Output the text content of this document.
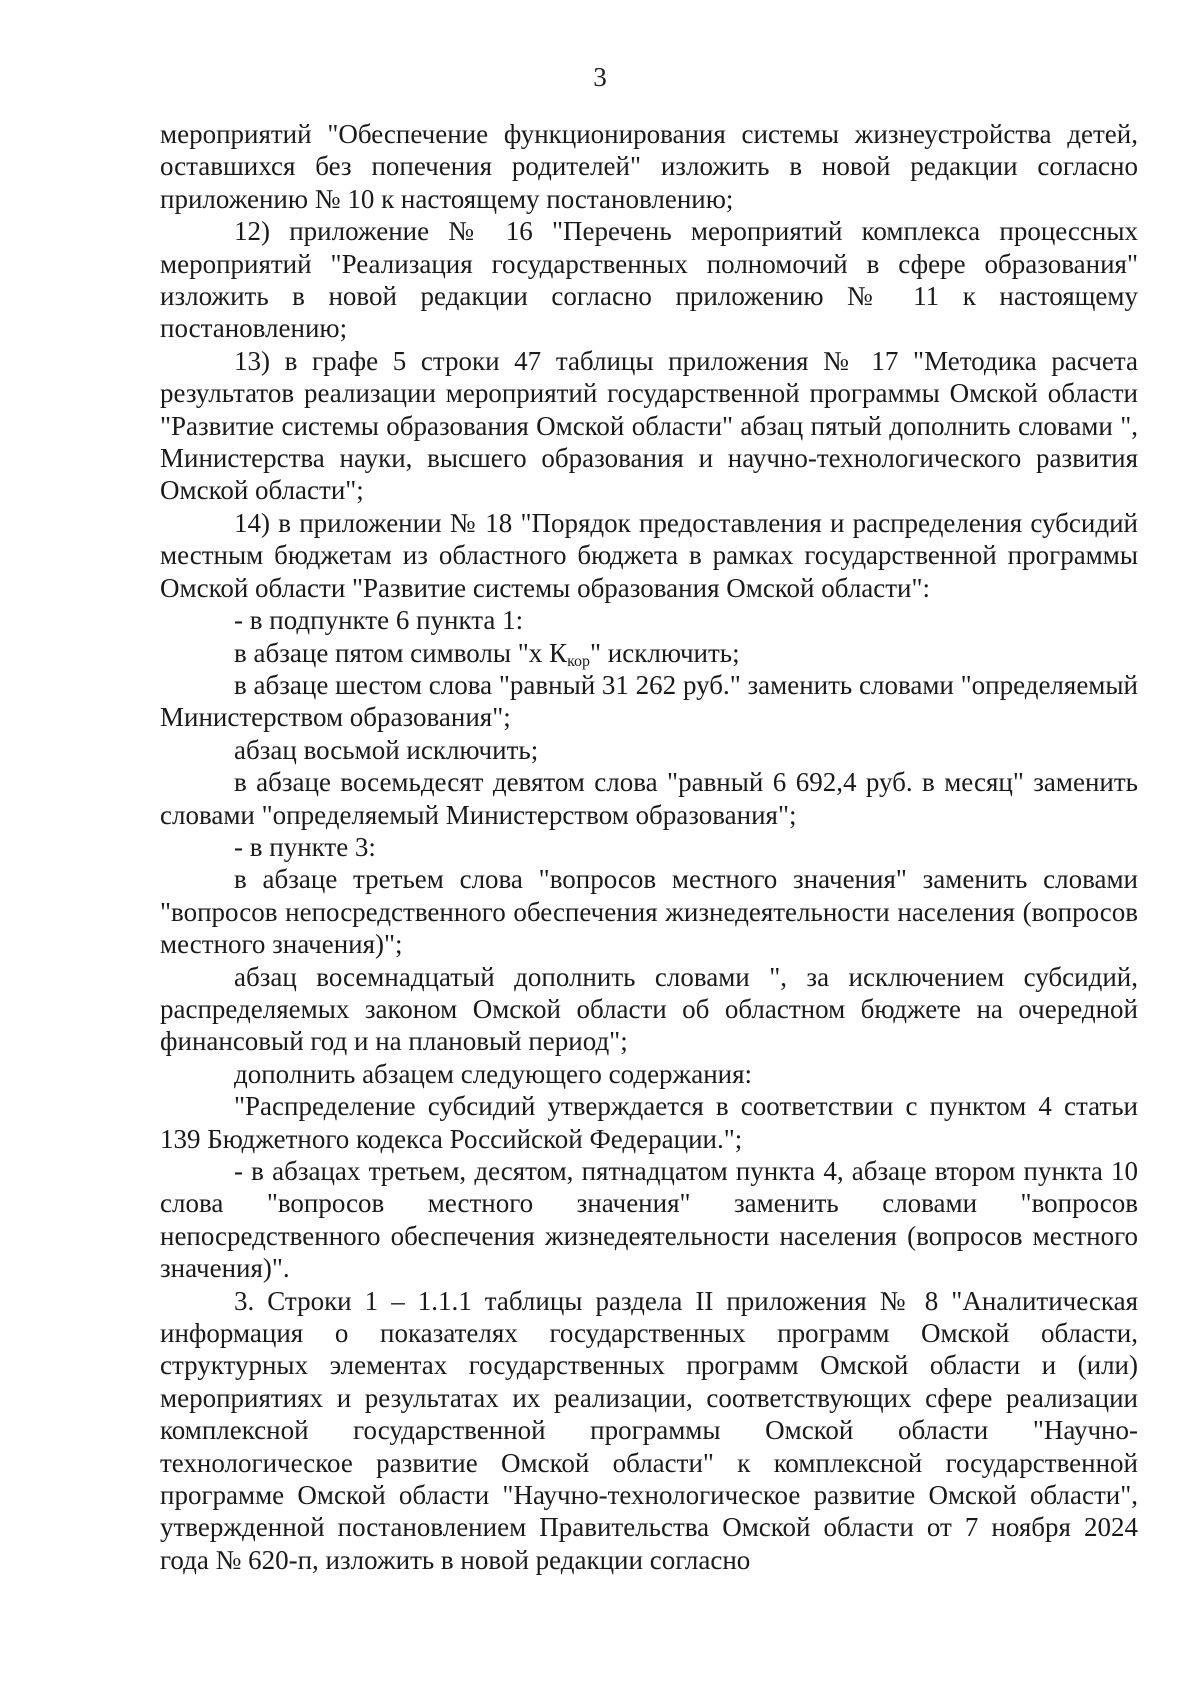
3

мероприятий "Обеспечение функционирования системы жизнеустройства детей, оставшихся без попечения родителей" изложить в новой редакции согласно приложению № 10 к настоящему постановлению;

12) приложение № 16 "Перечень мероприятий комплекса процессных мероприятий "Реализация государственных полномочий в сфере образования" изложить в новой редакции согласно приложению № 11 к настоящему постановлению;

13) в графе 5 строки 47 таблицы приложения № 17 "Методика расчета результатов реализации мероприятий государственной программы Омской области "Развитие системы образования Омской области" абзац пятый дополнить словами ", Министерства науки, высшего образования и научно-технологического развития Омской области";

14) в приложении № 18 "Порядок предоставления и распределения субсидий местным бюджетам из областного бюджета в рамках государственной программы Омской области "Развитие системы образования Омской области":

- в подпункте 6 пункта 1:

в абзаце пятом символы "х $К_{кор}$" исключить;

в абзаце шестом слова "равный 31 262 руб." заменить словами "определяемый Министерством образования";

абзац восьмой исключить;

в абзаце восемьдесят девятом слова "равный 6 692,4 руб. в месяц" заменить словами "определяемый Министерством образования";

- в пункте 3:

в абзаце третьем слова "вопросов местного значения" заменить словами "вопросов непосредственного обеспечения жизнедеятельности населения (вопросов местного значения)";

абзац восемнадцатый дополнить словами ", за исключением субсидий, распределяемых законом Омской области об областном бюджете на очередной финансовый год и на плановый период";

дополнить абзацем следующего содержания:

"Распределение субсидий утверждается в соответствии с пунктом 4 статьи 139 Бюджетного кодекса Российской Федерации.";

- в абзацах третьем, десятом, пятнадцатом пункта 4, абзаце втором пункта 10 слова "вопросов местного значения" заменить словами "вопросов непосредственного обеспечения жизнедеятельности населения (вопросов местного значения)".

3. Строки 1 – 1.1.1 таблицы раздела II приложения № 8 "Аналитическая информация о показателях государственных программ Омской области, структурных элементах государственных программ Омской области и (или) мероприятиях и результатах их реализации, соответствующих сфере реализации комплексной государственной программы Омской области "Научно-технологическое развитие Омской области" к комплексной государственной программе Омской области "Научно-технологическое развитие Омской области", утвержденной постановлением Правительства Омской области от 7 ноября 2024 года № 620-п, изложить в новой редакции согласно
